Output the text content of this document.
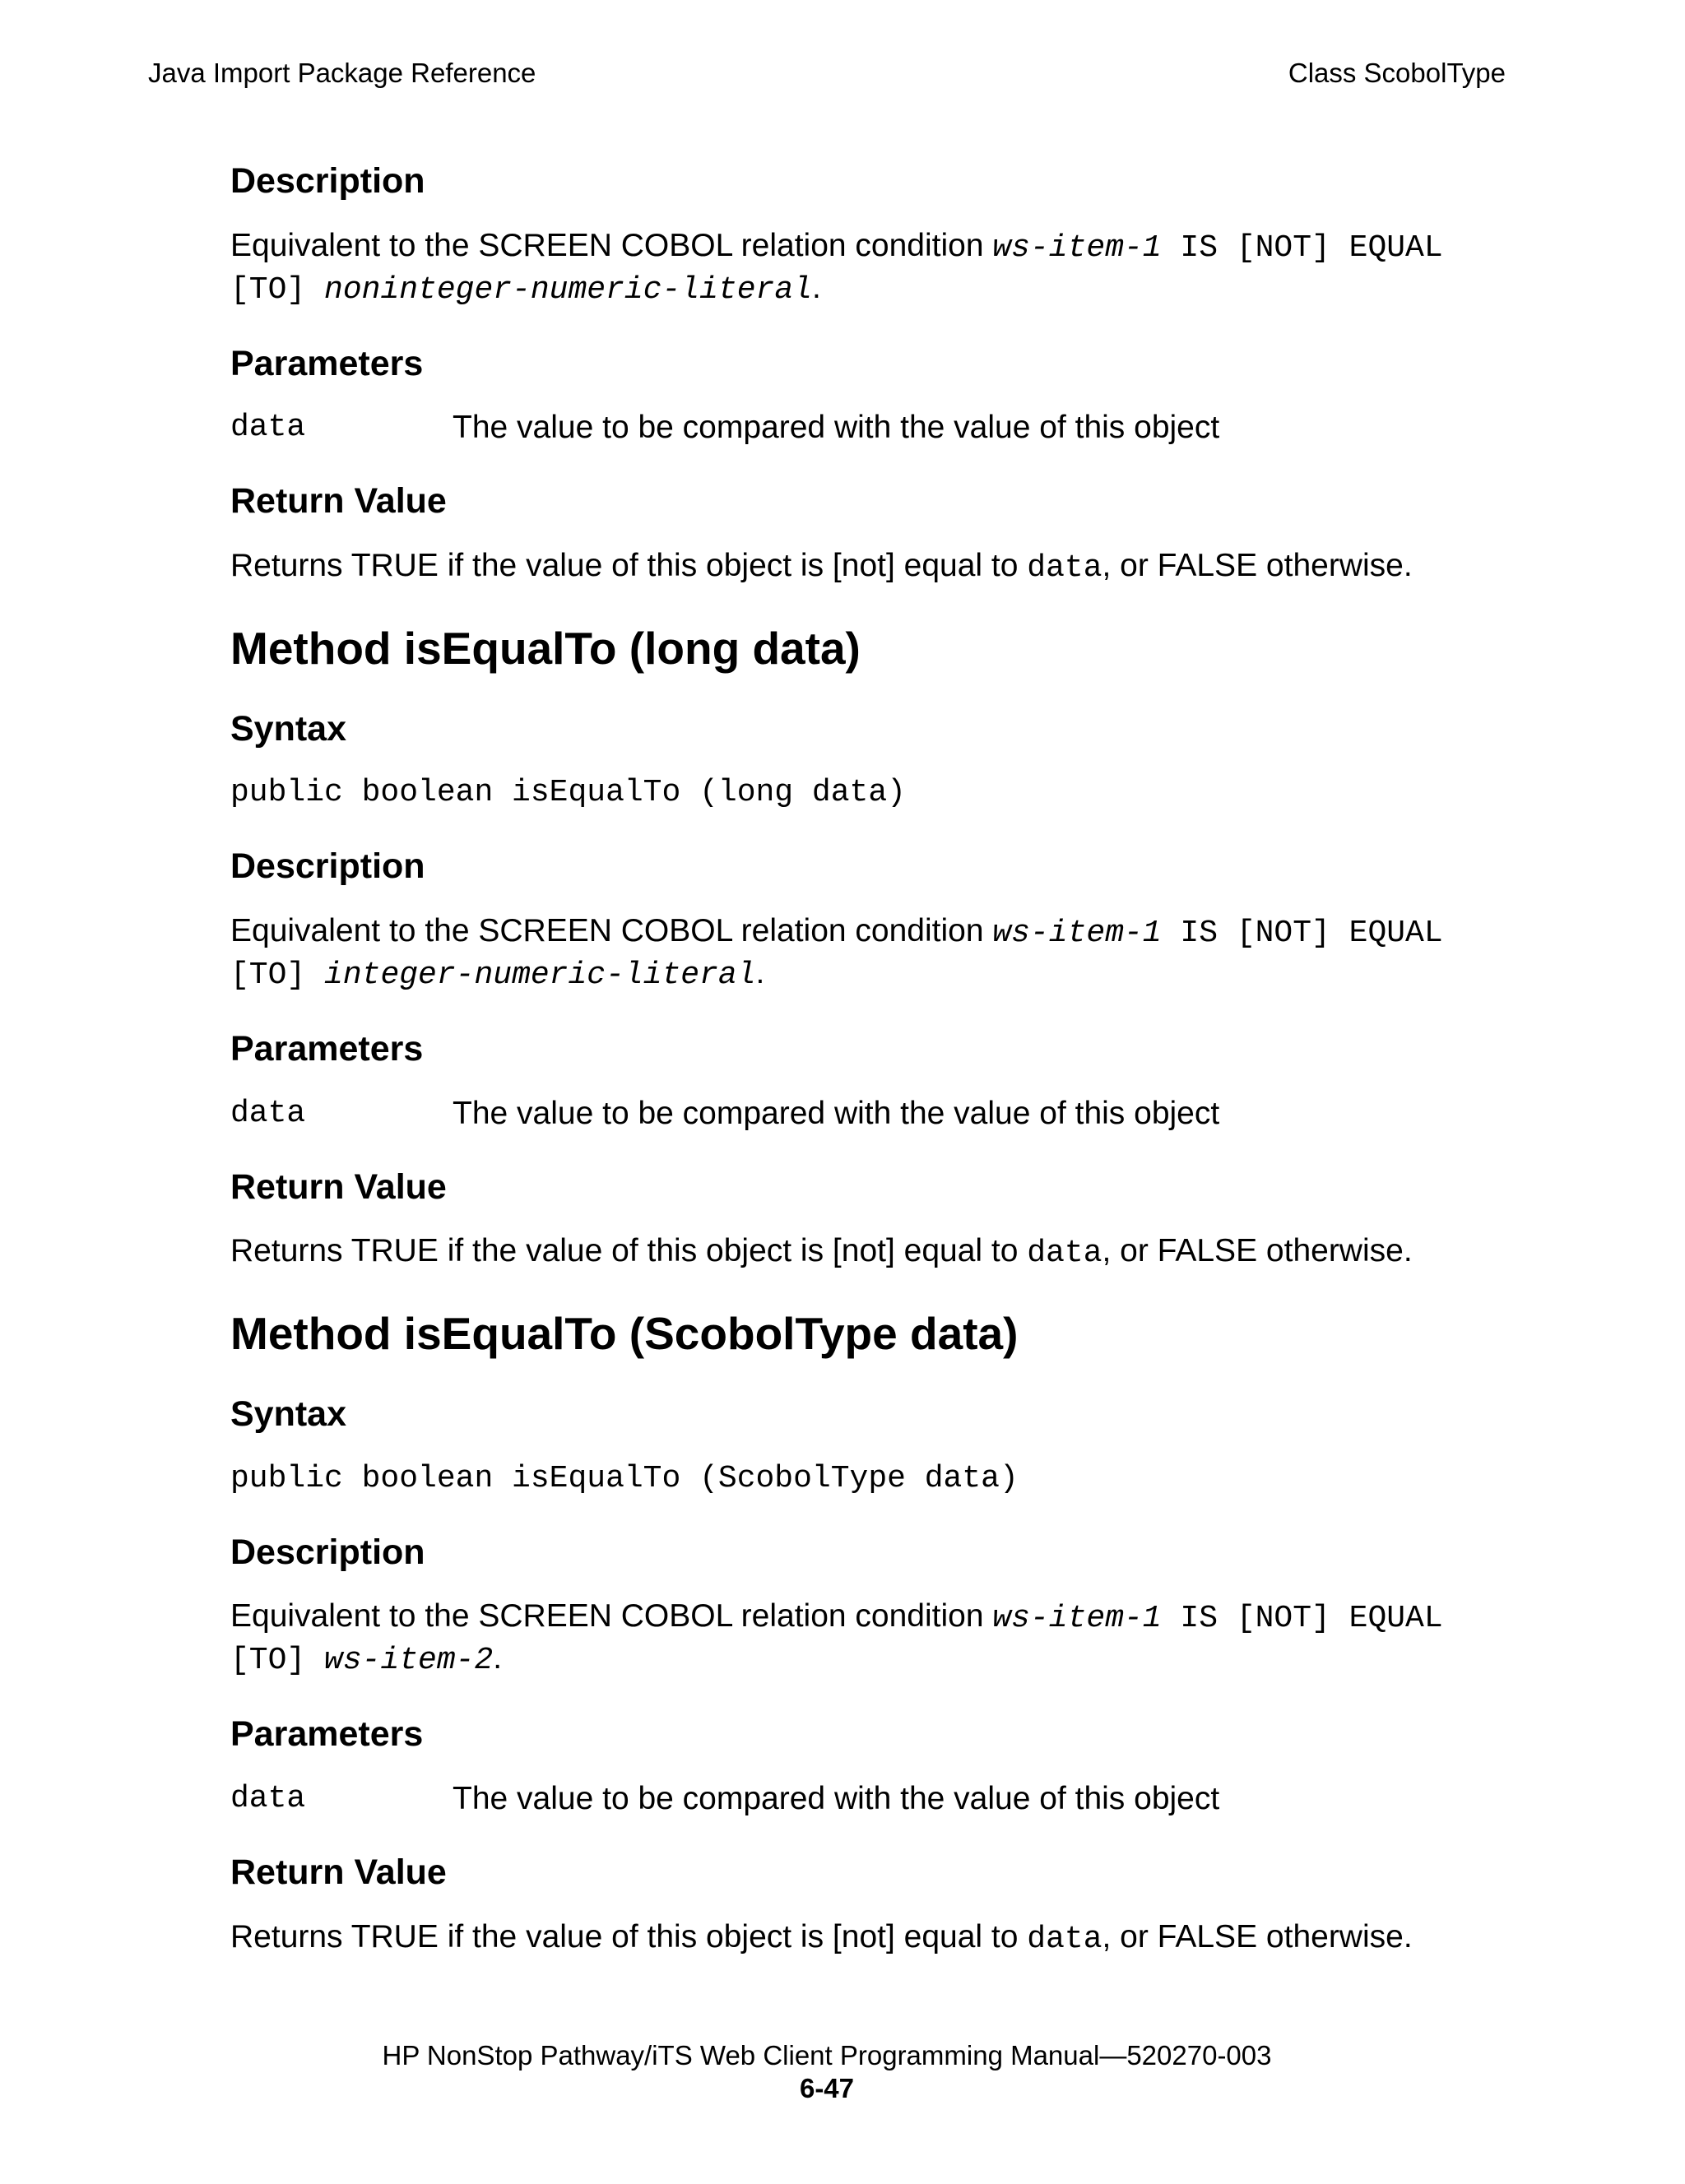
Java Import Package Reference	Class ScobolType
Description

Equivalent to the SCREEN COBOL relation condition ws-item-1 IS [NOT] EQUAL
[TO] noninteger-numeric-literal.

Parameters
data	The value to be compared with the value of this object
Return Value

Returns TRUE if the value of this object is [not] equal to data, or FALSE otherwise.

Method isEqualTo (long data)
Syntax

public boolean isEqualTo (long data)

Description

Equivalent to the SCREEN COBOL relation condition ws-item-1 IS [NOT] EQUAL
[TO] integer-numeric-literal.

Parameters
data	The value to be compared with the value of this object
Return Value

Returns TRUE if the value of this object is [not] equal to data, or FALSE otherwise.

Method isEqualTo (ScobolType data)
Syntax

public boolean isEqualTo (ScobolType data)

Description

Equivalent to the SCREEN COBOL relation condition ws-item-1 IS [NOT] EQUAL
[TO] ws-item-2.

Parameters
data	The value to be compared with the value of this object
Return Value

Returns TRUE if the value of this object is [not] equal to data, or FALSE otherwise.

HP NonStop Pathway/iTS Web Client Programming Manual—520270-003
6-47
